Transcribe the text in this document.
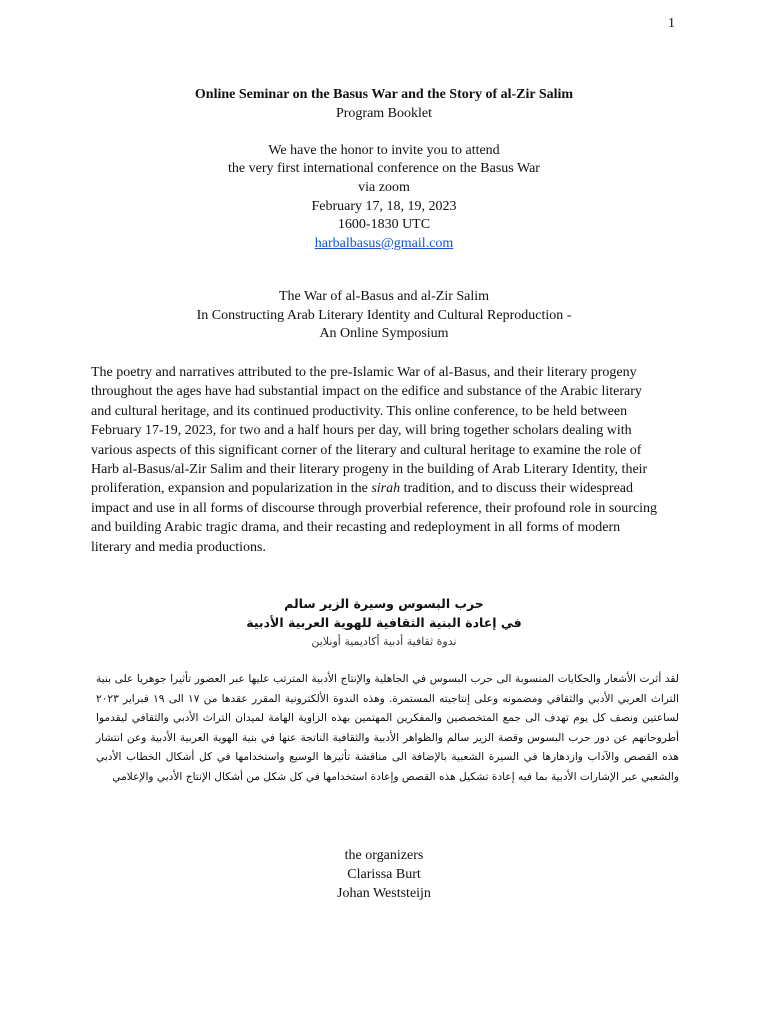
1
Online Seminar on the Basus War and the Story of al-Zir Salim
Program Booklet
We have the honor to invite you to attend
the very first international conference on the Basus War
via zoom
February 17, 18, 19, 2023
1600-1830 UTC
harbalbasus@gmail.com
The War of al-Basus and al-Zir Salim
In Constructing Arab Literary Identity and Cultural Reproduction -
An Online Symposium
The poetry and narratives attributed to the pre-Islamic War of al-Basus, and their literary progeny throughout the ages have had substantial impact on the edifice and substance of the Arabic literary and cultural heritage, and its continued productivity. This online conference, to be held between February 17-19, 2023, for two and a half hours per day, will bring together scholars dealing with various aspects of this significant corner of the literary and cultural heritage to examine the role of Harb al-Basus/al-Zir Salim and their literary progeny in the building of Arab Literary Identity, their proliferation, expansion and popularization in the sirah tradition, and to discuss their widespread impact and use in all forms of discourse through proverbial reference, their profound role in sourcing and building Arabic tragic drama, and their recasting and redeployment in all forms of modern literary and media productions.
حرب البسوس وسيرة الزير سالم
في إعادة البنية الثقافية للهوية العربية الأدبية
ندوة ثقافية أدبية أكاديمية أونلاين
لقد أثرت الأشعار والحكايات المنسوبة الى حرب البسوس في الجاهلية والإنتاج الأدبية المترتب عليها عبر العصور تأثيرا جوهريا على بنية التراث العربي الأدبي والثقافي ومضمونه وعلى إنتاجيته المستمرة. وهذه الندوة الألكترونية المقرر عقدها من ١٧ الى ١٩ فبراير ٢٠٢٣ لساعتين ونصف كل يوم تهدف الى جمع المتخصصين والمفكرين المهتمين بهذه الزاوية الهامة لميدان التراث الأدبي والثقافي ليقدموا أطروحاتهم عن دور حرب البسوس وقصة الزير سالم والظواهر الأدبية والثقافية الناتجة عنها في بنية الهوية العربية الأدبية وعن انتشار هذه القصص والآداب وازدهارها في السيرة الشعبية بالإضافة الى مناقشة تأثيرها الوسيع واستخدامها في كل أشكال الخطاب الأدبي والشعبي عبر الإشارات الأدبية بما فيه إعادة تشكيل هذه القصص وإعادة استخدامها في كل شكل من أشكال الإنتاج الأدبي والإعلامي
the organizers
Clarissa Burt
Johan Weststeijn
